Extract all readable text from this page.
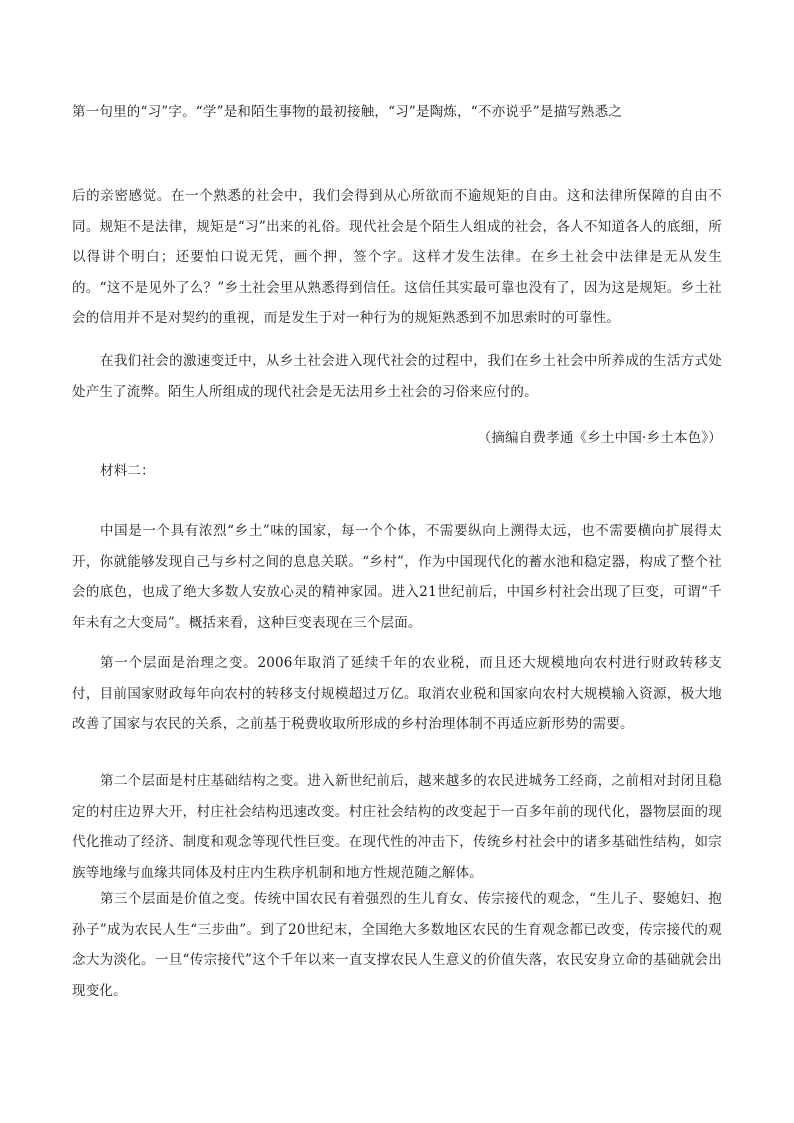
第一句里的“习”字。“学”是和陌生事物的最初接触，“习”是陶炼，“不亦说乎”是描写熟悉之

后的亲密感觉。在一个熟悉的社会中，我们会得到从心所欲而不逾规矩的自由。这和法律所保障的自由不同。规矩不是法律，规矩是“习”出来的礼俗。现代社会是个陌生人组成的社会，各人不知道各人的底细，所以得讲个明白；还要怕口说无凭，画个押，签个字。这样才发生法律。在乡土社会中法律是无从发生的。“这不是见外了么？”乡土社会里从熟悉得到信任。这信任其实最可靠也没有了，因为这是规矩。乡土社会的信用并不是对契约的重视，而是发生于对一种行为的规矩熟悉到不加思索时的可靠性。

在我们社会的激速变迁中，从乡土社会进入现代社会的过程中，我们在乡土社会中所养成的生活方式处处产生了流弊。陌生人所组成的现代社会是无法用乡土社会的习俗来应付的。

（摘编自费孝通《乡土中国·乡土本色》）

材料二：

中国是一个具有浓烈“乡土”味的国家，每一个个体，不需要纵向上溯得太远，也不需要横向扩展得太开，你就能够发现自己与乡村之间的息息关联。“乡村”，作为中国现代化的蓄水池和稳定器，构成了整个社会的底色，也成了绝大多数人安放心灵的精神家园。进入21世纪前后，中国乡村社会出现了巨变，可谓“千年未有之大变局”。概括来看，这种巨变表现在三个层面。

第一个层面是治理之变。2006年取消了延续千年的农业税，而且还大规模地向农村进行财政转移支付，目前国家财政每年向农村的转移支付规模超过万亿。取消农业税和国家向农村大规模输入资源，极大地改善了国家与农民的关系，之前基于税费收取所形成的乡村治理体制不再适应新形势的需要。

第二个层面是村庄基础结构之变。进入新世纪前后，越来越多的农民进城务工经商，之前相对封闭且稳定的村庄边界大开，村庄社会结构迅速改变。村庄社会结构的改变起于一百多年前的现代化，器物层面的现代化推动了经济、制度和观念等现代性巨变。在现代性的冲击下，传统乡村社会中的诸多基础性结构，如宗族等地缘与血缘共同体及村庄内生秩序机制和地方性规范随之解体。

第三个层面是价值之变。传统中国农民有着强烈的生儿育女、传宗接代的观念，“生儿子、娶媳妇、抱孙子”成为农民人生“三步曲”。到了20世纪末，全国绝大多数地区农民的生育观念都已改变，传宗接代的观念大为淡化。一旦“传宗接代”这个千年以来一直支撑农民人生意义的价值失落，农民安身立命的基础就会出现变化。
